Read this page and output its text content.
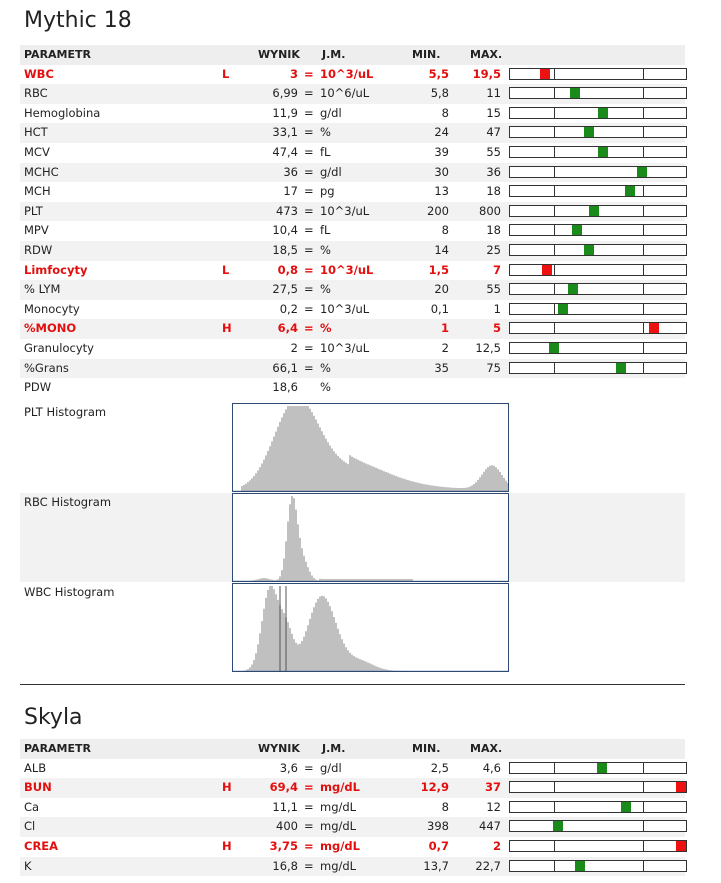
Mythic 18
PARAMETR	WYNIK J.M.	MIN.	MAX.
WBC	L	3 = 10^3/uL	5,5 19,5
RBC	6,99 = 10^6/uL	5,8	11
Hemoglobina	11,9 = g/dl	8	15
HCT	33,1 = %	24	47
MCV	47,4 = fL	39	55
MCHC	36 = g/dl	30	36
MCH	17 = pg	13	18
PLT	473 = 10^3/uL	200	800
MPV	10,4 = fL	8	18
RDW	18,5 = %	14	25
Limfocyty	L	0,8 = 10^3/uL	1,5	7
% LYM	27,5 = %	20	55
Monocyty	0,2 = 10^3/uL	0,1	1
%MONO	H	6,4 = %	1	5
Granulocyty	2 = 10^3/uL	2 12,5
%Grans	66,1 = %	35	75
PDW	18,6 %
PLT Histogram
RBC Histogram
WBC Histogram
Skyla
PARAMETR	WYNIK J.M.	MIN.	MAX.
ALB	3,6 = g/dl	2,5	4,6
BUN	H	69,4 = mg/dL	12,9	37
Ca	11,1 = mg/dL	8	12
Cl	400 = mg/dL	398	447
CREA	H	3,75 = mg/dL	0,7	2
K	16,8 = mg/dL	13,7 22,7
